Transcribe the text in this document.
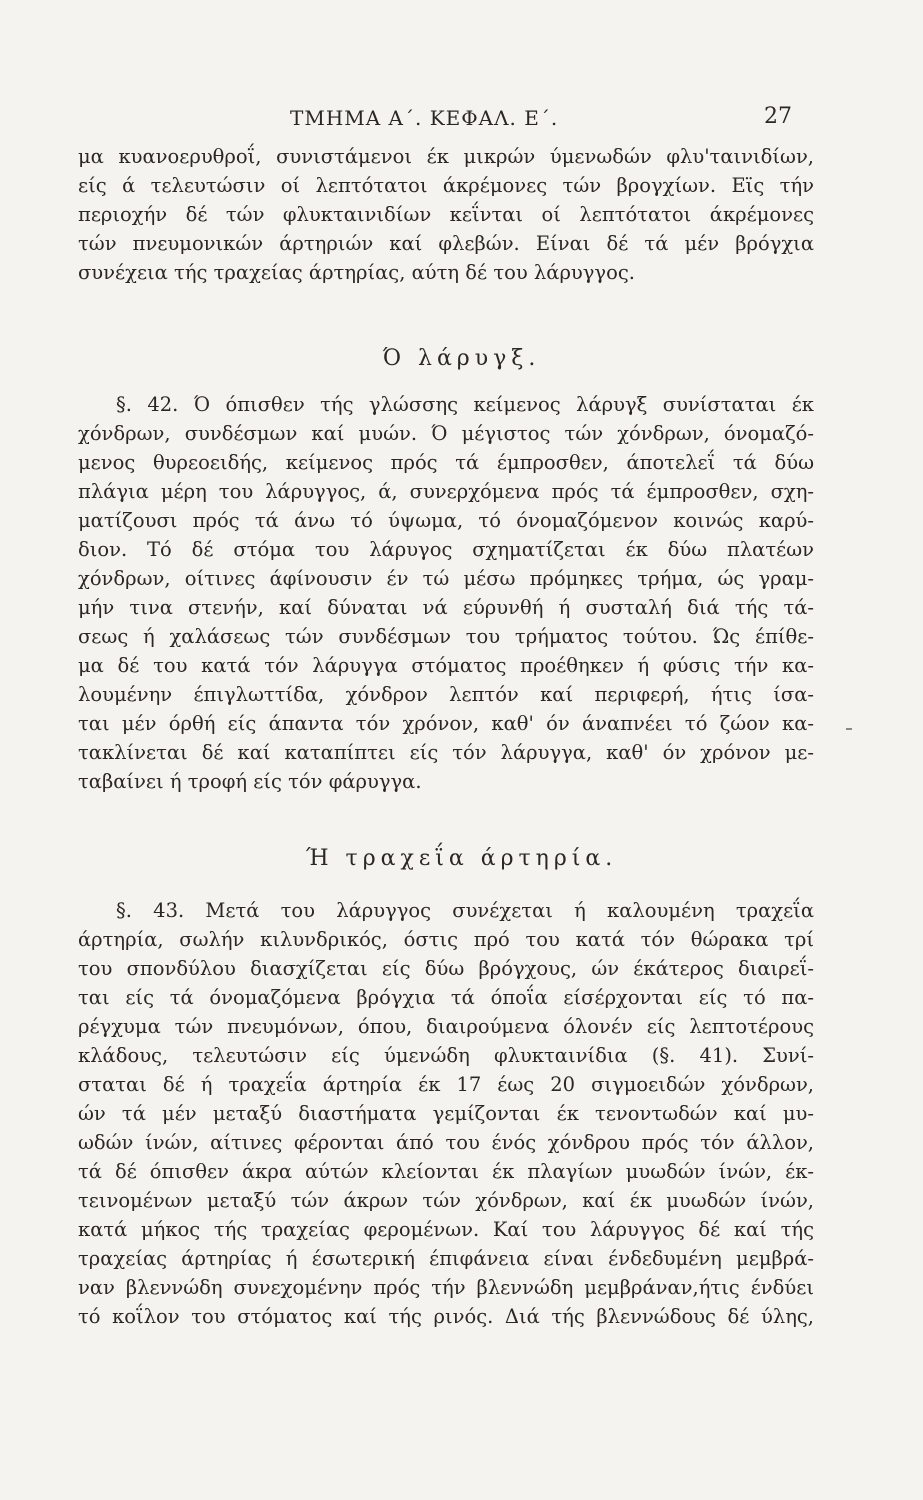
ΤΜΗΜΑ Α΄. ΚΕΦΑΛ. Ε΄.	27
μα κυανοερυθροΐ, συνιστάμενοι έκ μικρών ύμενωδών φλυ'ταινιδίων,
είς ά τελευτώσιν οί λεπτότατοι άκρέμονες τών βρογχίων. Εϊς τήν
περιοχήν δέ τών φλυκταινιδίων κεΐνται οί λεπτότατοι άκρέμονες
τών πνευμονικών άρτηριών καί φλεβών. Είναι δέ τά μέν βρόγχια
συνέχεια τής τραχείας άρτηρίας, αύτη δέ του λάρυγγος.
Ό λάρυγξ.
§. 42. Ό όπισθεν τής γλώσσης κείμενος λάρυγξ συνίσταται έκ
χόνδρων, συνδέσμων καί μυών. Ό μέγιστος τών χόνδρων, όνομαζό-
μενος θυρεοειδής, κείμενος πρός τά έμπροσθεν, άποτελεΐ τά δύω
πλάγια μέρη του λάρυγγος, ά, συνερχόμενα πρός τά έμπροσθεν, σχη-
ματίζουσι πρός τά άνω τό ύψωμα, τό όνομαζόμενον κοινώς καρύ-
διον. Τό δέ στόμα του λάρυγος σχηματίζεται έκ δύω πλατέων
χόνδρων, οίτινες άφίνουσιν έν τώ μέσω πρόμηκες τρήμα, ώς γραμ-
μήν τινα στενήν, καί δύναται νά εύρυνθή ή συσταλή διά τής τά-
σεως ή χαλάσεως τών συνδέσμων του τρήματος τούτου. Ώς έπίθε-
μα δέ του κατά τόν λάρυγγα στόματος προέθηκεν ή φύσις τήν κα-
λουμένην έπιγλωττίδα, χόνδρον λεπτόν καί περιφερή, ήτις ίσα-
ται μέν όρθή είς άπαντα τόν χρόνον, καθ' όν άναπνέει τό ζώον κα-
τακλίνεται δέ καί καταπίπτει είς τόν λάρυγγα, καθ' όν χρόνον με-
ταβαίνει ή τροφή είς τόν φάρυγγα.
Ή τραχεΐα άρτηρία.
§. 43. Μετά του λάρυγγος συνέχεται ή καλουμένη τραχεΐα
άρτηρία, σωλήν κιλυνδρικός, όστις πρό του κατά τόν θώρακα τρί
του σπονδύλου διασχίζεται είς δύω βρόγχους, ών έκάτερος διαιρεΐ-
ται είς τά όνομαζόμενα βρόγχια τά όποΐα είσέρχονται είς τό πα-
ρέγχυμα τών πνευμόνων, όπου, διαιρούμενα όλονέν είς λεπτοτέρους
κλάδους, τελευτώσιν είς ύμενώδη φλυκταινίδια (§. 41). Συνί-
σταται δέ ή τραχεΐα άρτηρία έκ 17 έως 20 σιγμοειδών χόνδρων,
ών τά μέν μεταξύ διαστήματα γεμίζονται έκ τενοντωδών καί μυ-
ωδών ίνών, αίτινες φέρονται άπό του ένός χόνδρου πρός τόν άλλον,
τά δέ όπισθεν άκρα αύτών κλείονται έκ πλαγίων μυωδών ίνών, έκ-
τεινομένων μεταξύ τών άκρων τών χόνδρων, καί έκ μυωδών ίνών,
κατά μήκος τής τραχείας φερομένων. Καί του λάρυγγος δέ καί τής
τραχείας άρτηρίας ή έσωτερική έπιφάνεια είναι ένδεδυμένη μεμβρά-
ναν βλεννώδη συνεχομένην πρός τήν βλεννώδη μεμβράναν,ήτις ένδύει
τό κοΐλον του στόματος καί τής ρινός. Διά τής βλεννώδους δέ ύλης,
